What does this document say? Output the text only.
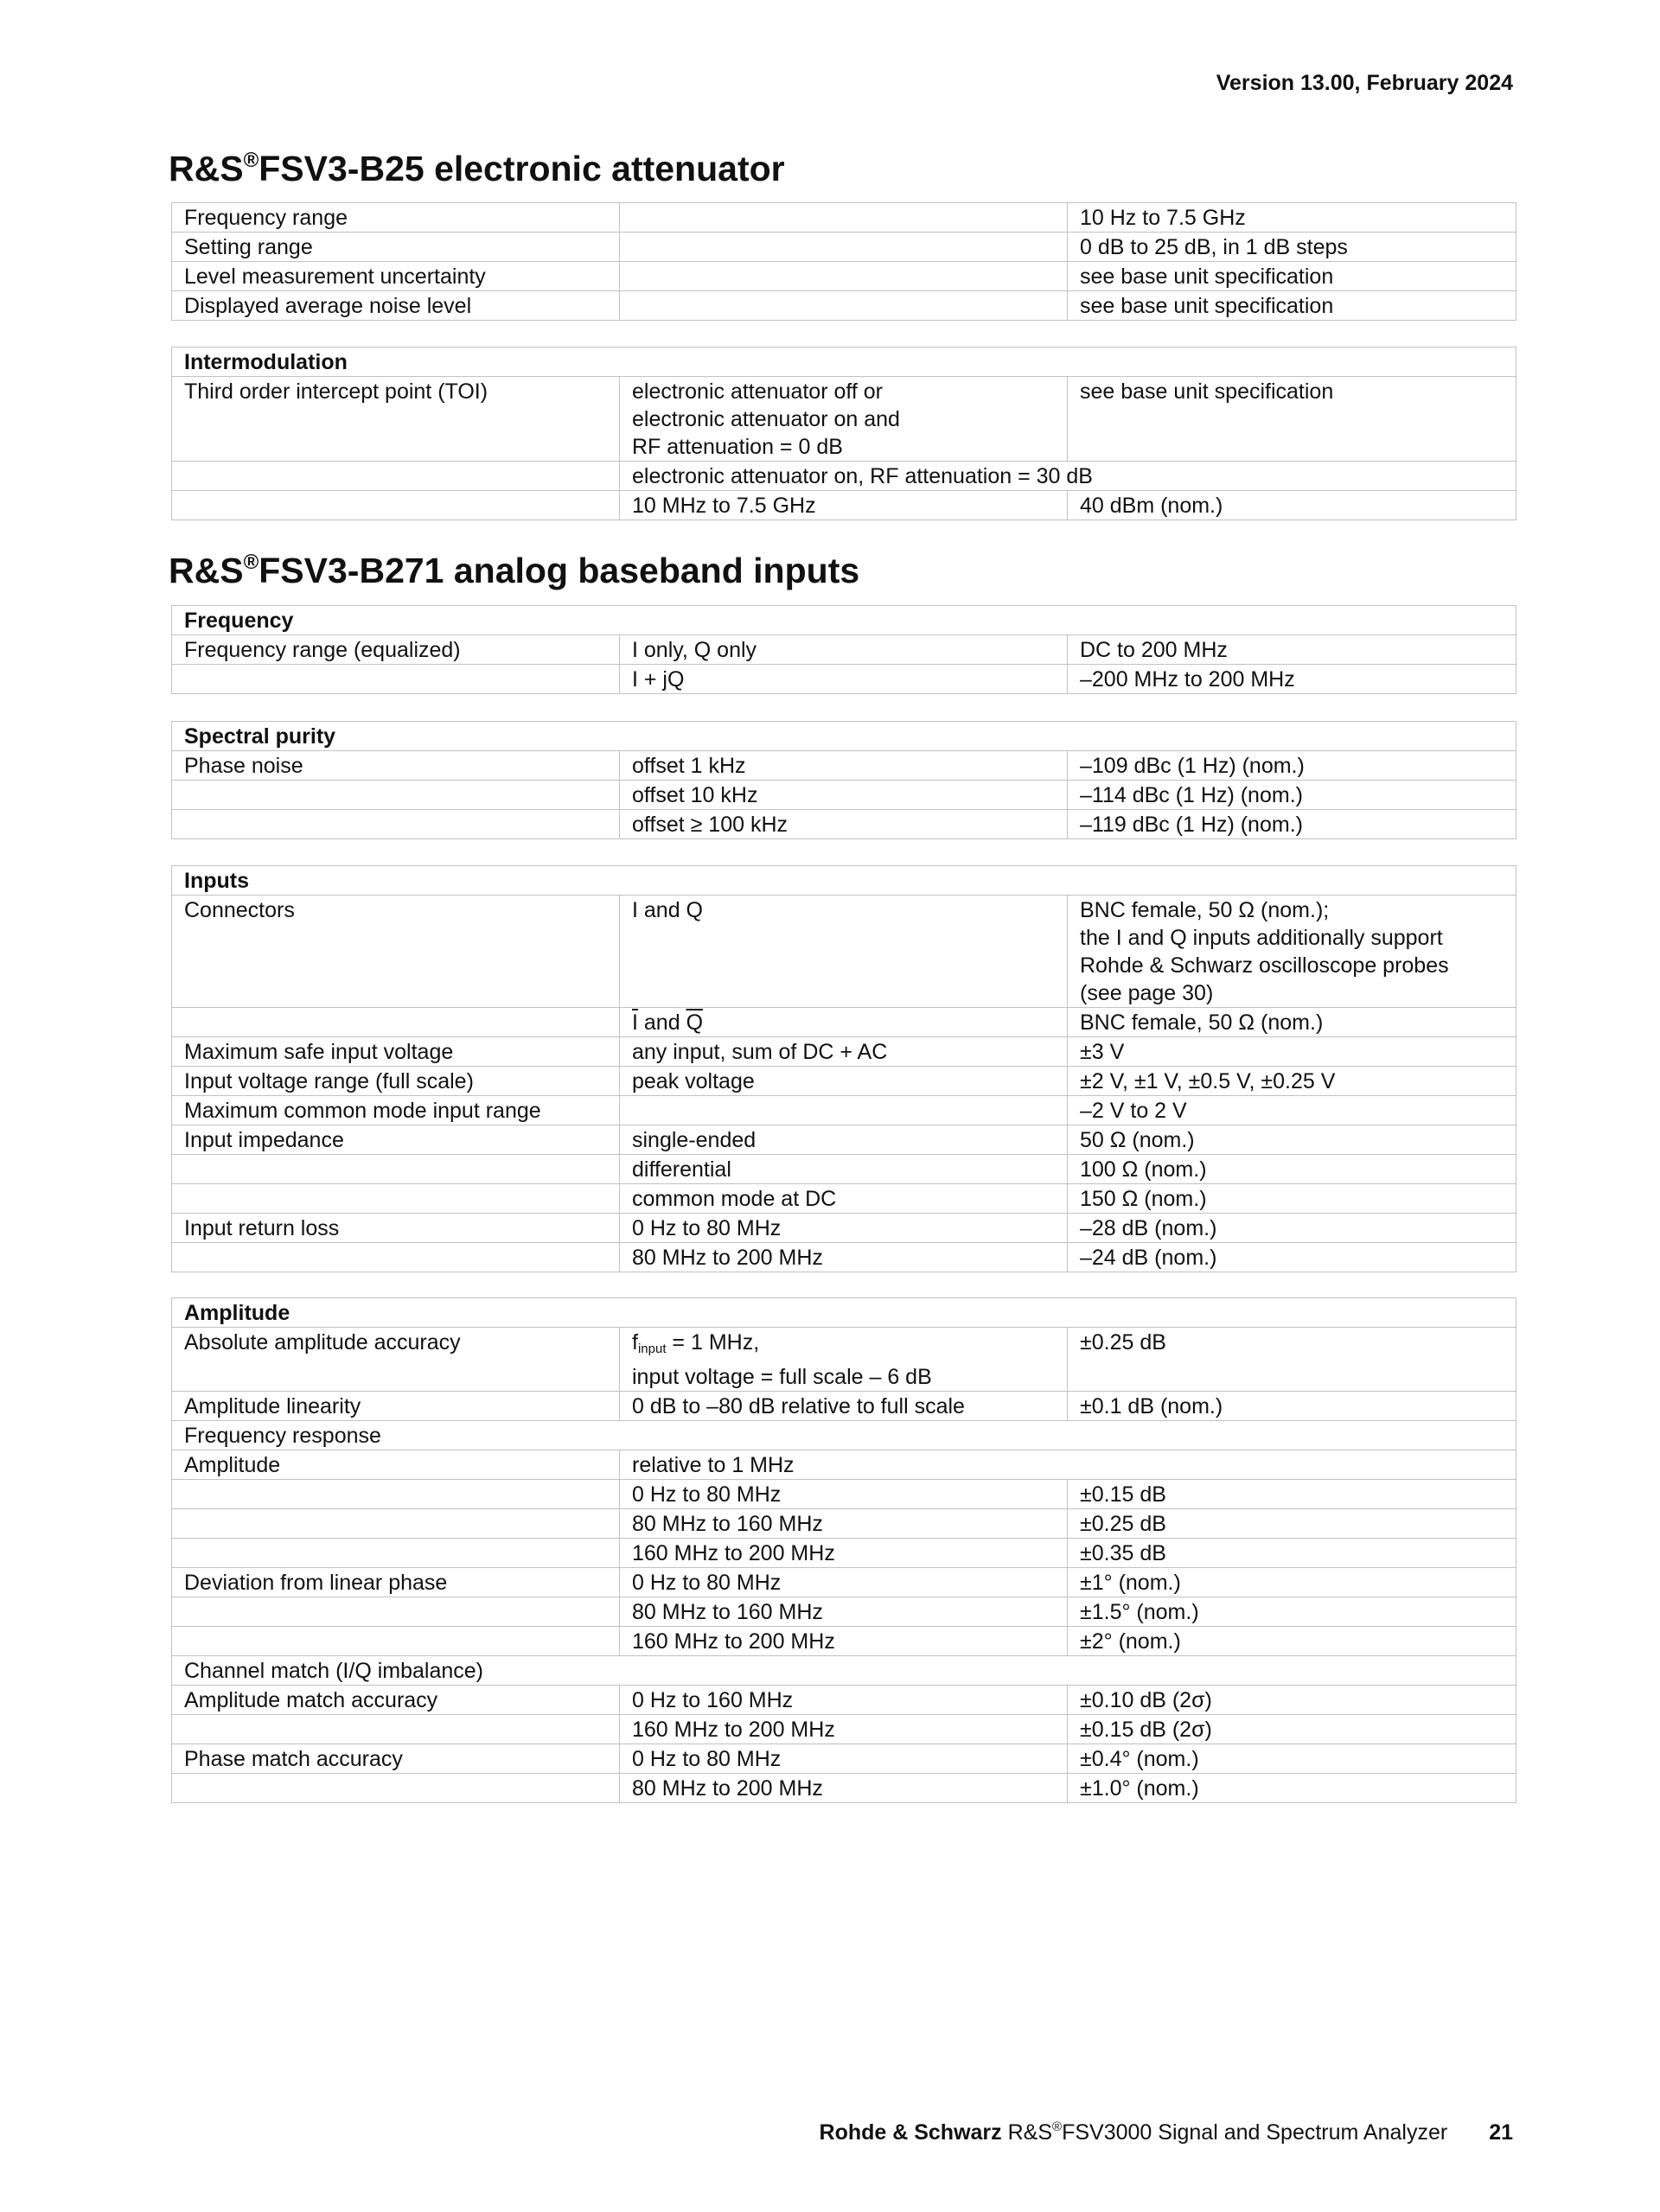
Version 13.00, February 2024
R&S®FSV3-B25 electronic attenuator
Frequency range		10 Hz to 7.5 GHz
Setting range		0 dB to 25 dB, in 1 dB steps
Level measurement uncertainty		see base unit specification
Displayed average noise level		see base unit specification
Intermodulation		
Third order intercept point (TOI)	electronic attenuator off or
electronic attenuator on and
RF attenuation = 0 dB	see base unit specification
	electronic attenuator on, RF attenuation = 30 dB	
	10 MHz to 7.5 GHz	40 dBm (nom.)
R&S®FSV3-B271 analog baseband inputs
Frequency		
Frequency range (equalized)	I only, Q only	DC to 200 MHz
	I + jQ	–200 MHz to 200 MHz
Spectral purity		
Phase noise	offset 1 kHz	–109 dBc (1 Hz) (nom.)
	offset 10 kHz	–114 dBc (1 Hz) (nom.)
	offset ≥ 100 kHz	–119 dBc (1 Hz) (nom.)
Inputs		
Connectors	I and Q	BNC female, 50 Ω (nom.);
the I and Q inputs additionally support
Rohde & Schwarz oscilloscope probes
(see page 30)

	$\overline{I}$ and $\overline{Q}$	BNC female, 50 Ω (nom.)
Maximum safe input voltage	any input, sum of DC + AC	±3 V
Input voltage range (full scale)	peak voltage	±2 V, ±1 V, ±0.5 V, ±0.25 V
Maximum common mode input range		–2 V to 2 V
Input impedance	single-ended	50 Ω (nom.)
	differential	100 Ω (nom.)
	common mode at DC	150 Ω (nom.)
Input return loss	0 Hz to 80 MHz	–28 dB (nom.)
	80 MHz to 200 MHz	–24 dB (nom.)
Amplitude		
Absolute amplitude accuracy	$f_{input} = 1$ MHz,
input voltage = full scale – 6 dB	±0.25 dB
Amplitude linearity	0 dB to –80 dB relative to full scale	±0.1 dB (nom.)
Frequency response		
Amplitude	relative to 1 MHz	
	0 Hz to 80 MHz	±0.15 dB
	80 MHz to 160 MHz	±0.25 dB
	160 MHz to 200 MHz	±0.35 dB
Deviation from linear phase	0 Hz to 80 MHz	±1° (nom.)
	80 MHz to 160 MHz	±1.5° (nom.)
	160 MHz to 200 MHz	±2° (nom.)
Channel match (I/Q imbalance)		
Amplitude match accuracy	0 Hz to 160 MHz	±0.10 dB (2σ)
	160 MHz to 200 MHz	±0.15 dB (2σ)
Phase match accuracy	0 Hz to 80 MHz	±0.4° (nom.)
	80 MHz to 200 MHz	±1.0° (nom.)
Rohde & Schwarz R&S®FSV3000 Signal and Spectrum Analyzer 21
